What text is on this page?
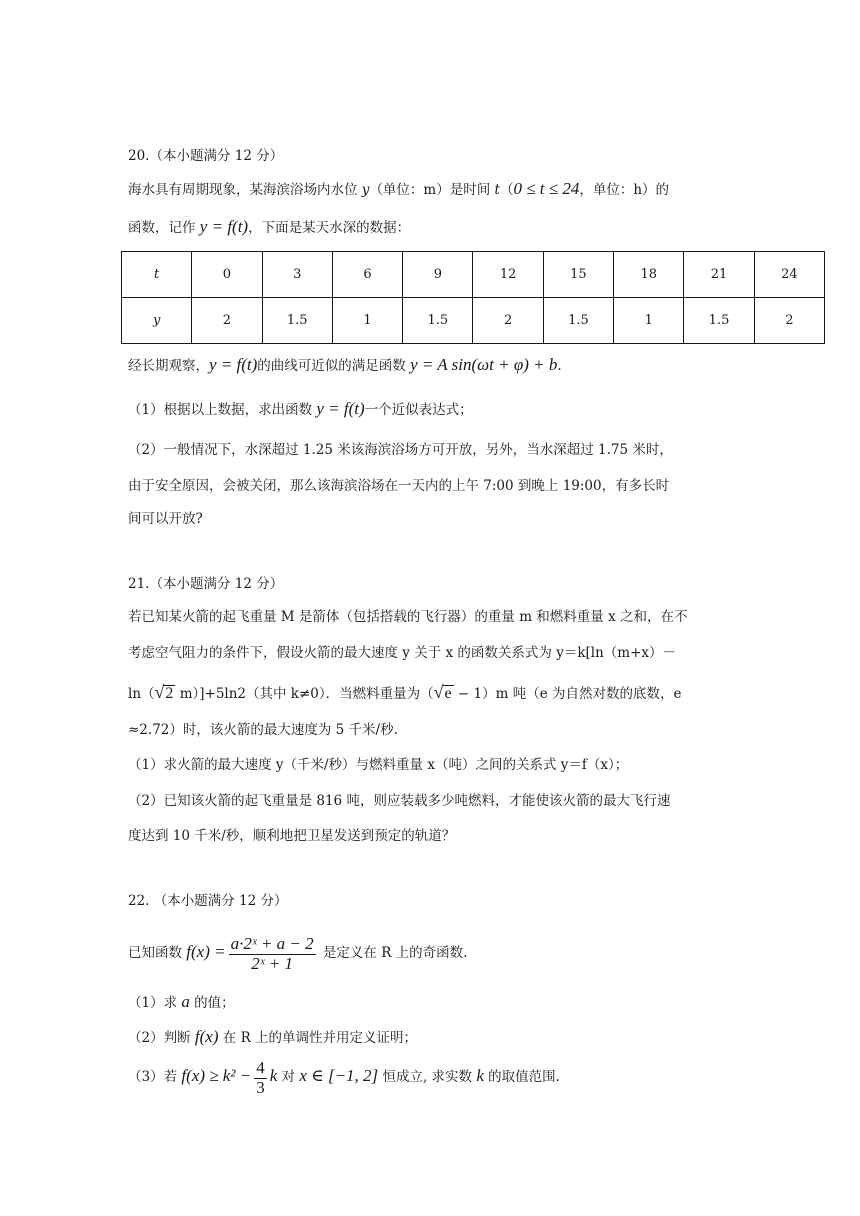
20.（本小题满分 12 分）
海水具有周期现象，某海滨浴场内水位 y（单位：m）是时间 t（0 ≤ t ≤ 24，单位：h）的
函数，记作 y = f(t)，下面是某天水深的数据：
t	0	3	6	9	12	15	18	21	24
y	2	1.5	1	1.5	2	1.5	1	1.5	2
经长期观察，y = f(t)的曲线可近似的满足函数 y = A sin(ωt + φ) + b.
（1）根据以上数据，求出函数 y = f(t)一个近似表达式；
（2）一般情况下，水深超过 1.25 米该海滨浴场方可开放，另外，当水深超过 1.75 米时，
由于安全原因，会被关闭，那么该海滨浴场在一天内的上午 7:00 到晚上 19:00，有多长时
间可以开放?
21.（本小题满分 12 分）
若已知某火箭的起飞重量 M 是箭体（包括搭载的飞行器）的重量 m 和燃料重量 x 之和，在不
考虑空气阻力的条件下，假设火箭的最大速度 y 关于 x 的函数关系式为 y＝k[ln（m+x）－
ln（√2 m）]+5ln2（其中 k≠0）．当燃料重量为（√e − 1）m 吨（e 为自然对数的底数，e
≈2.72）时，该火箭的最大速度为 5 千米/秒.
（1）求火箭的最大速度 y（千米/秒）与燃料重量 x（吨）之间的关系式 y＝f（x）；
（2）已知该火箭的起飞重量是 816 吨，则应装载多少吨燃料，才能使该火箭的最大飞行速
度达到 10 千米/秒，顺利地把卫星发送到预定的轨道？
22. （本小题满分 12 分）
已知函数 $f(x) = \frac{\text{a·2ˣ + a − 2}}{\text{2ˣ + 1}}$ 是定义在 R 上的奇函数.
（1）求 a 的值；
（2）判断 f(x) 在 R 上的单调性并用定义证明；
（3）若 $f(x) \ge k^2 - \frac{4}{3}$ k 对 x ∈ [−1, 2] 恒成立, 求实数 k 的取值范围.
